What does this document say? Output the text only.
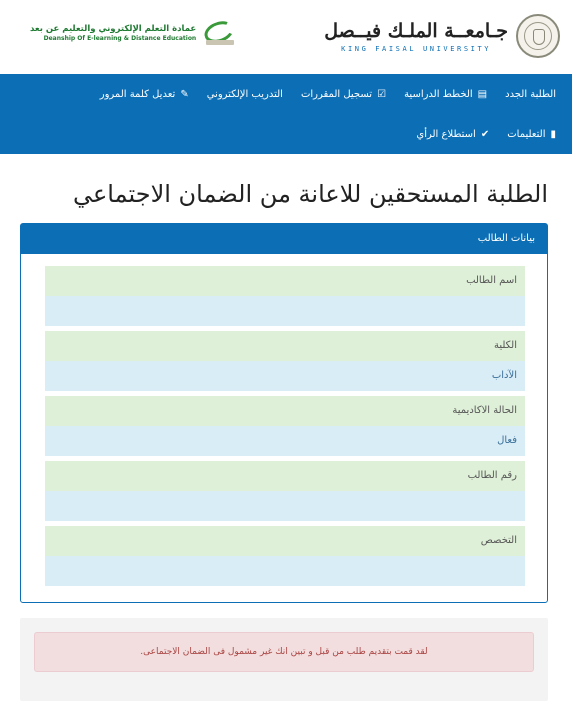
جـامعــة الملـك فيــصل
KING FAISAL UNIVERSITY
عمادة التعلم الإلكتروني والتعليم عن بعد
Deanship Of E-learning & Distance Education
الطلبة الجدد
▤
الخطط الدراسية
☑
تسجيل المقررات
التدريب الإلكتروني
✎
تعديل كلمة المرور
▮
التعليمات
✔
استطلاع الرأي
الطلبة المستحقين للاعانة من الضمان الاجتماعي
بيانات الطالب
اسم الطالب
الكلية
الآداب
الحالة الاكاديمية
فعال
رقم الطالب
التخصص
لقد قمت بتقديم طلب من قبل و تبين انك غير مشمول فى الضمان الاجتماعى.
